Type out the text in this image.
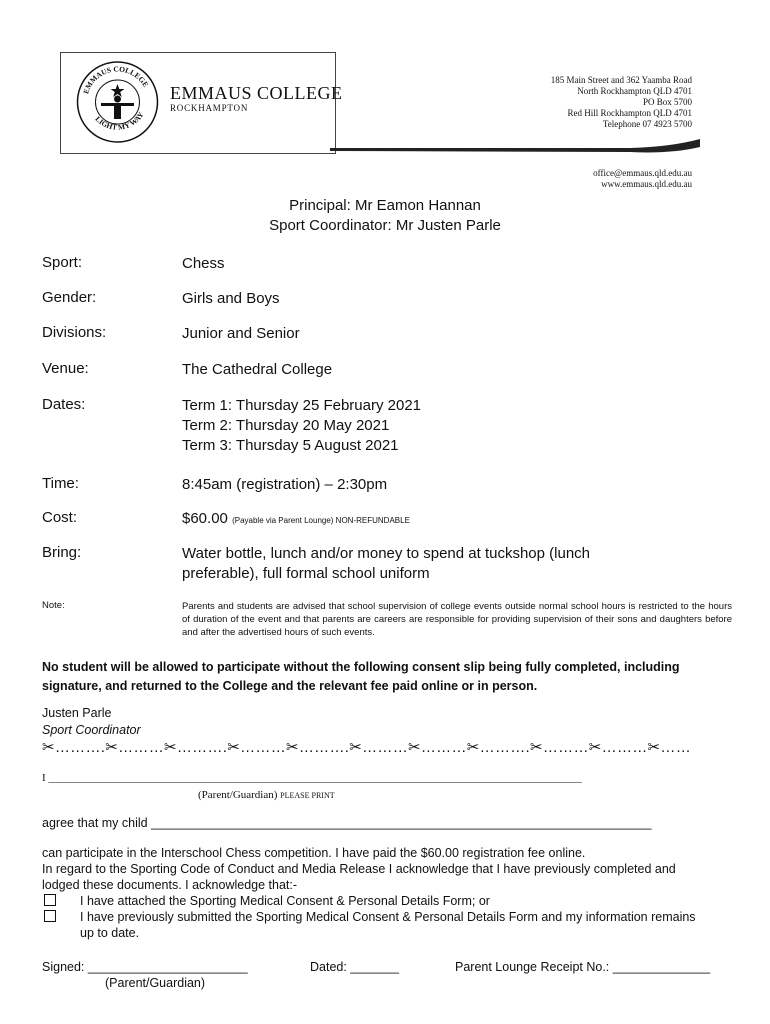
EMMAUS COLLEGE
LIGHT MY WAY
EMMAUS COLLEGE
ROCKHAMPTON
185 Main Street and 362 Yaamba Road
North Rockhampton QLD 4701
PO Box 5700
Red Hill Rockhampton QLD 4701
Telephone 07 4923 5700
office@emmaus.qld.edu.au
www.emmaus.qld.edu.au
Principal: Mr Eamon Hannan
Sport Coordinator: Mr Justen Parle
Sport:	Chess
Gender:	Girls and Boys
Divisions:	Junior and Senior
Venue:	The Cathedral College
Dates:	Term 1: Thursday 25 February 2021
Term 2: Thursday 20 May 2021
Term 3: Thursday 5 August 2021
Time:	8:45am (registration) – 2:30pm
Cost:	$60.00 (Payable via Parent Lounge) NON-REFUNDABLE
Bring:	Water bottle, lunch and/or money to spend at tuckshop (lunch
preferable), full formal school uniform
Note:	Parents and students are advised that school supervision of college events outside normal school hours is restricted to the hours of duration of the event and that parents are careers are responsible for providing supervision of their sons and daughters before and after the advertised hours of such events.
No student will be allowed to participate without the following consent slip being fully completed, including signature, and returned to the College and the relevant fee paid online or in person.
Justen Parle
Sport Coordinator
✂……….✂………✂……….✂………✂……….✂………✂………✂……….✂………✂………✂……
I _________________________________________________________________________________________________
(Parent/Guardian) PLEASE PRINT
agree that my child ________________________________________________________________________
can participate in the Interschool Chess competition. I have paid the $60.00 registration fee online.
In regard to the Sporting Code of Conduct and Media Release I acknowledge that I have previously completed and
lodged these documents. I acknowledge that:-
I have attached the Sporting Medical Consent & Personal Details Form; or
I have previously submitted the Sporting Medical Consent & Personal Details Form and my information remains
up to date.
Signed: _______________________	Dated: _______	Parent Lounge Receipt No.: ______________
(Parent/Guardian)
